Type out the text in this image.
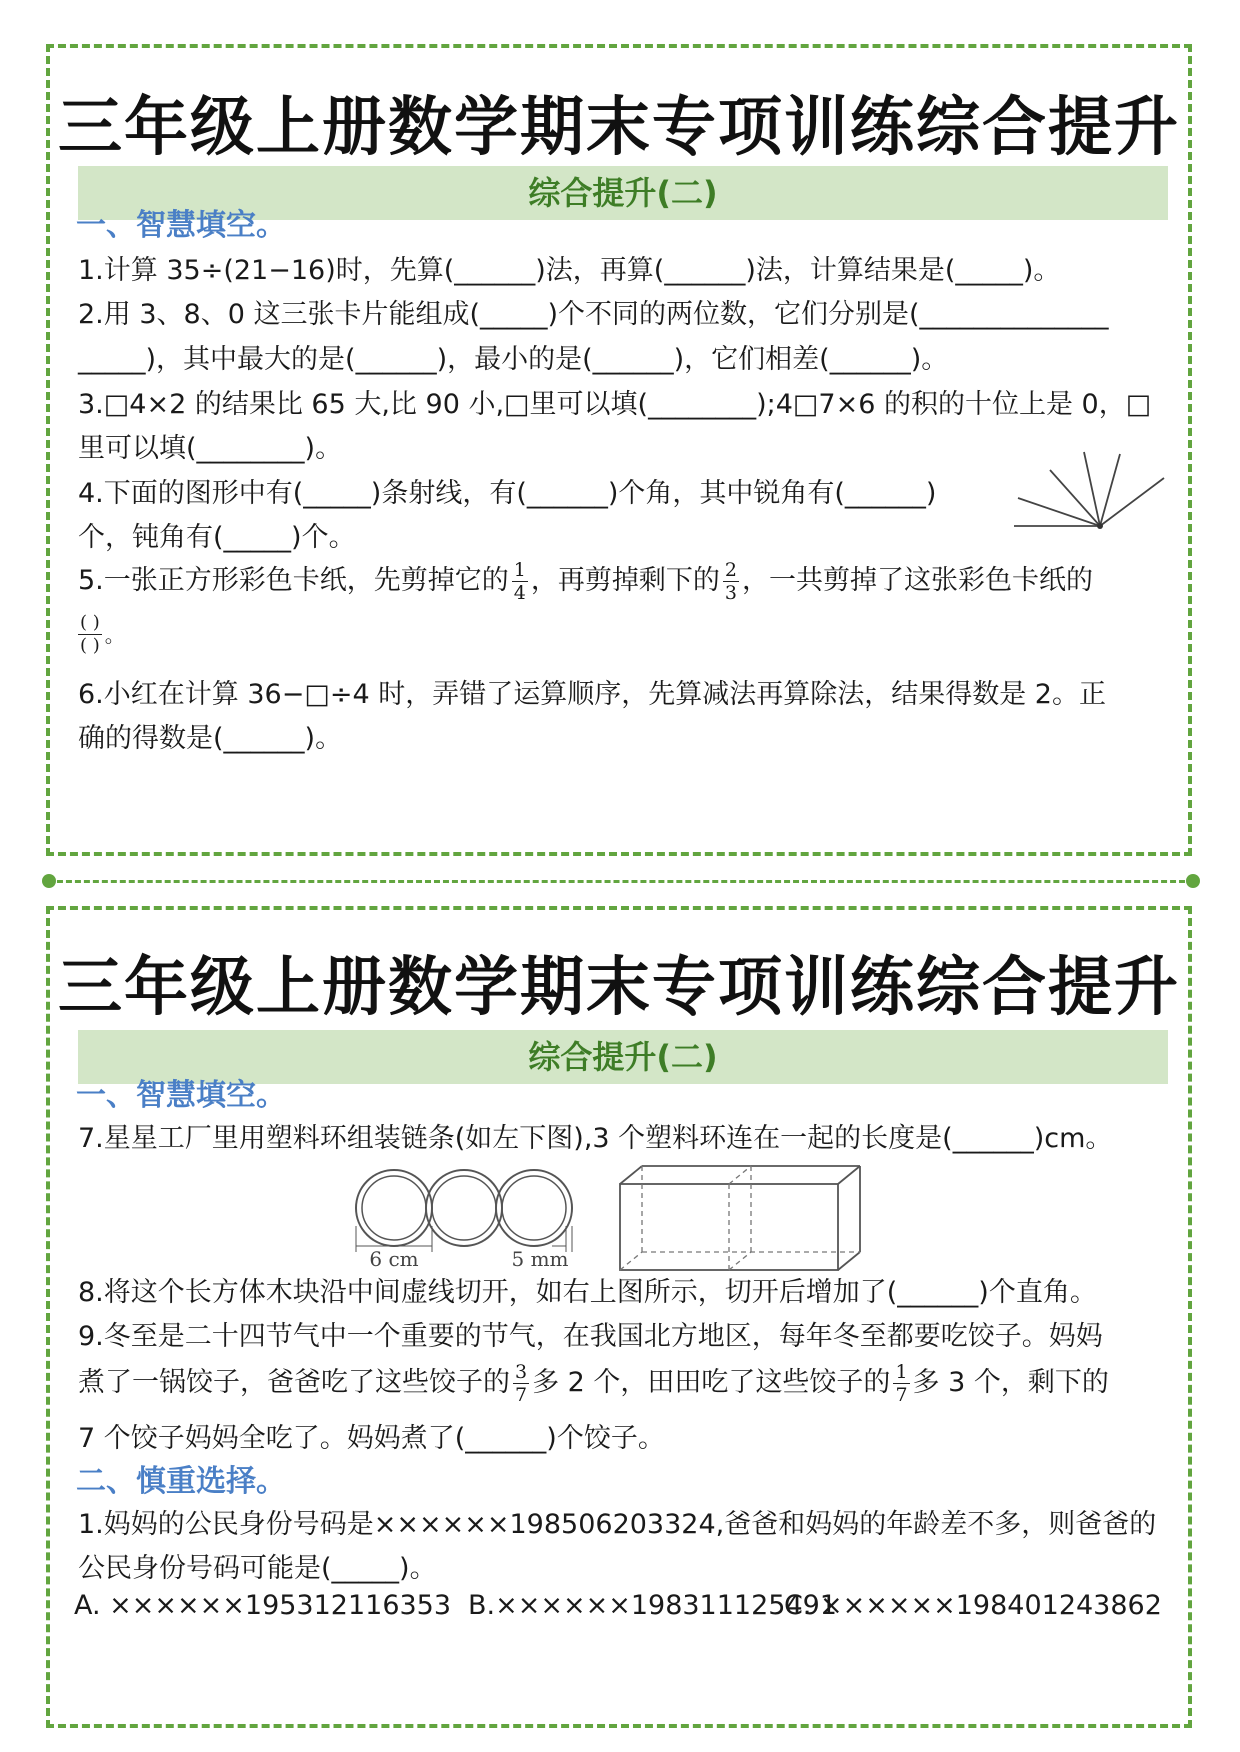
三年级上册数学期末专项训练综合提升
综合提升(二)
一、智慧填空。
1.计算 35÷(21−16)时，先算(______)法，再算(______)法，计算结果是(_____)。
2.用 3、8、0 这三张卡片能组成(_____)个不同的两位数，它们分别是(______________
_____)，其中最大的是(______)，最小的是(______)，它们相差(______)。
3.□4×2 的结果比 65 大,比 90 小,□里可以填(________);4□7×6 的积的十位上是 0，□
里可以填(________)。
4.下面的图形中有(_____)条射线，有(______)个角，其中锐角有(______)
个，钝角有(_____)个。
5.一张正方形彩色卡纸，先剪掉它的 $\frac{1}{4}$ ，再剪掉剩下的 $\frac{2}{3}$ ，一共剪掉了这张彩色卡纸的
$\frac{( )}{( )}$ 。
6.小红在计算 36−□÷4 时，弄错了运算顺序，先算减法再算除法，结果得数是 2。正
确的得数是(______)。
三年级上册数学期末专项训练综合提升
综合提升(二)
一、智慧填空。
7.星星工厂里用塑料环组装链条(如左下图),3 个塑料环连在一起的长度是(______)cm。
6 cm	5 mm
8.将这个长方体木块沿中间虚线切开，如右上图所示，切开后增加了(______)个直角。
9.冬至是二十四节气中一个重要的节气，在我国北方地区，每年冬至都要吃饺子。妈妈
煮了一锅饺子，爸爸吃了这些饺子的 $\frac{3}{7}$ 多 2 个，田田吃了这些饺子的 $\frac{1}{7}$ 多 3 个，剩下的
7 个饺子妈妈全吃了。妈妈煮了(______)个饺子。
二、慎重选择。
1.妈妈的公民身份号码是××××××198506203324,爸爸和妈妈的年龄差不多，则爸爸的
公民身份号码可能是(_____)。
A. ××××××195312116353 B.××××××198311125491
C. ××××××198401243862
